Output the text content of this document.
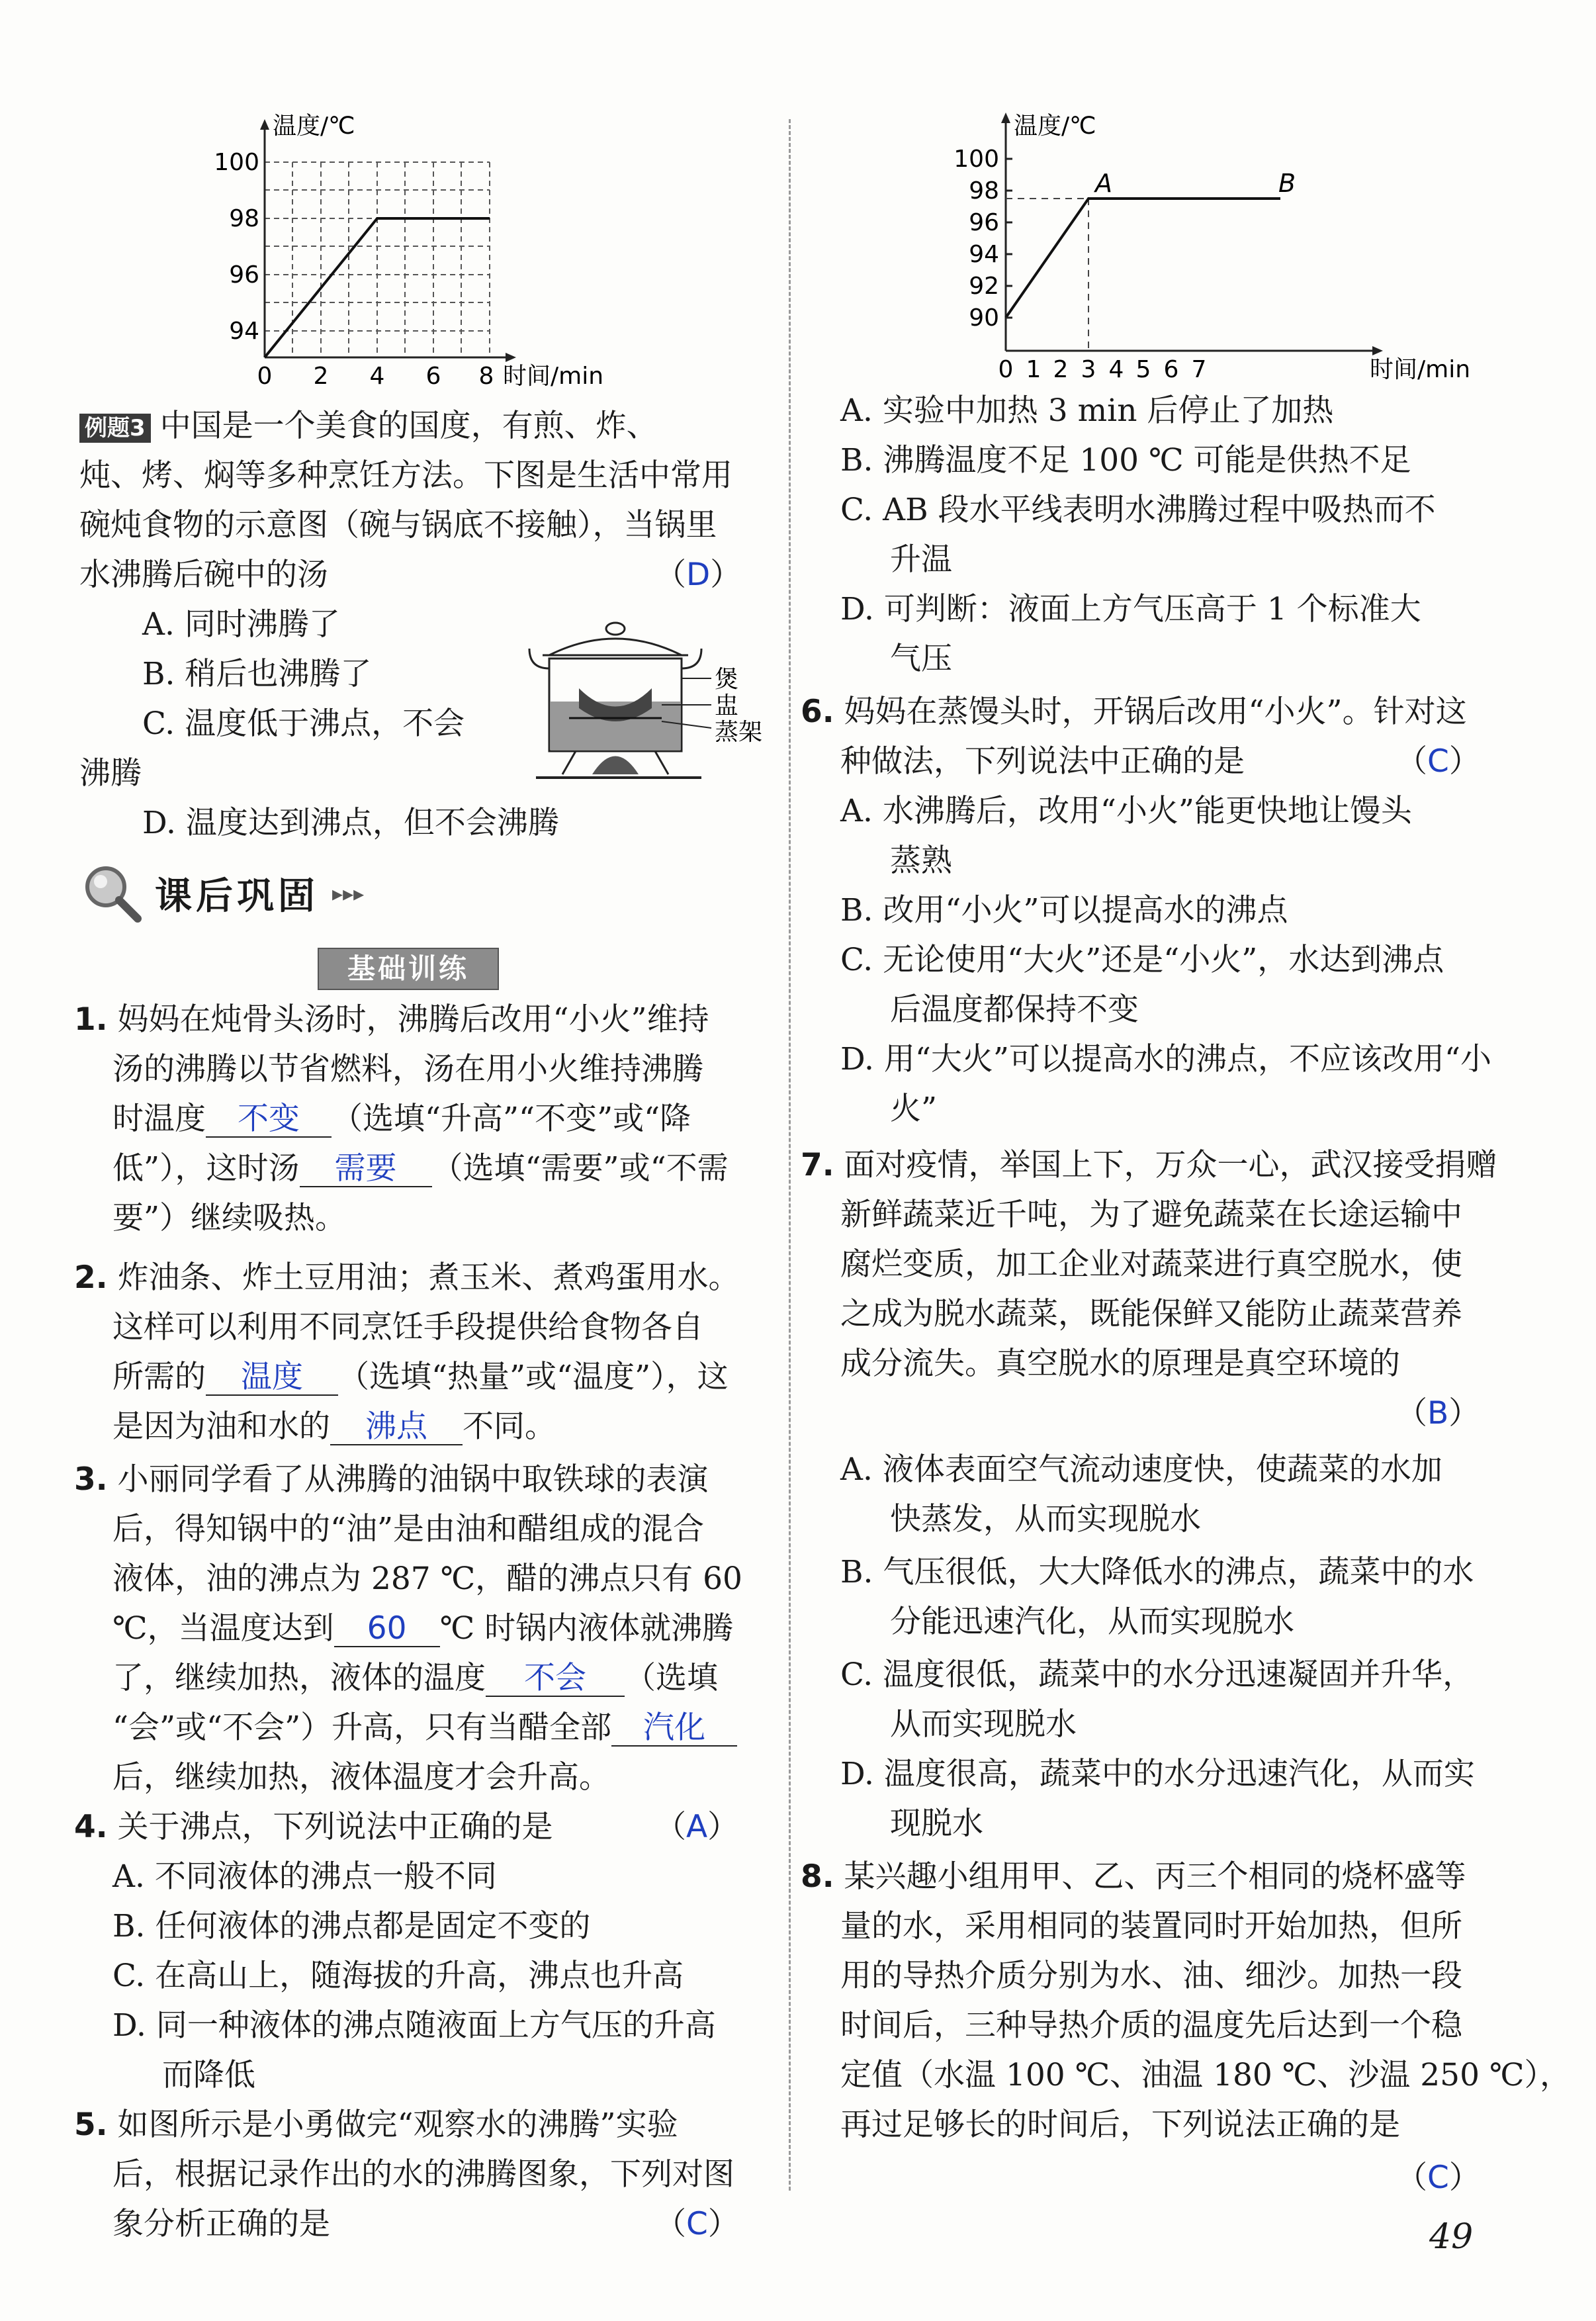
温度/℃
时间/min
94
96
98
100
0 2 4 6 8
例题3 中国是一个美食的国度，有煎、炸、
炖、烤、焖等多种烹饪方法。下图是生活中常用
碗炖食物的示意图（碗与锅底不接触），当锅里
水沸腾后碗中的汤	（D）
A. 同时沸腾了
B. 稍后也沸腾了
C. 温度低于沸点，不会
沸腾
D. 温度达到沸点，但不会沸腾
煲
盅
蒸架
课后巩固 ▸▸▸
基础训练
1. 妈妈在炖骨头汤时，沸腾后改用“小火”维持
汤的沸腾以节省燃料，汤在用小火维持沸腾
时温度 不变 （选填“升高”“不变”或“降
低”），这时汤 需要 （选填“需要”或“不需
要”）继续吸热。
2. 炸油条、炸土豆用油；煮玉米、煮鸡蛋用水。
这样可以利用不同烹饪手段提供给食物各自
所需的 温度 （选填“热量”或“温度”），这
是因为油和水的 沸点 不同。
3. 小丽同学看了从沸腾的油锅中取铁球的表演
后，得知锅中的“油”是由油和醋组成的混合
液体，油的沸点为 287 ℃，醋的沸点只有 60
℃，当温度达到 60 ℃ 时锅内液体就沸腾
了，继续加热，液体的温度 不会 （选填
“会”或“不会”）升高，只有当醋全部 汽化
后，继续加热，液体温度才会升高。
4. 关于沸点，下列说法中正确的是	（A）
A. 不同液体的沸点一般不同
B. 任何液体的沸点都是固定不变的
C. 在高山上，随海拔的升高，沸点也升高
D. 同一种液体的沸点随液面上方气压的升高
而降低
5. 如图所示是小勇做完“观察水的沸腾”实验
后，根据记录作出的水的沸腾图象，下列对图
象分析正确的是	（C）
温度/℃
时间/min
A	B
90
92
94
96
98
100
0 1 2 3 4 5 6 7
A. 实验中加热 3 min 后停止了加热
B. 沸腾温度不足 100 ℃ 可能是供热不足
C. AB 段水平线表明水沸腾过程中吸热而不
升温
D. 可判断：液面上方气压高于 1 个标准大
气压
6. 妈妈在蒸馒头时，开锅后改用“小火”。针对这
种做法，下列说法中正确的是	（C）
A. 水沸腾后，改用“小火”能更快地让馒头
蒸熟
B. 改用“小火”可以提高水的沸点
C. 无论使用“大火”还是“小火”，水达到沸点
后温度都保持不变
D. 用“大火”可以提高水的沸点，不应该改用“小
火”
7. 面对疫情，举国上下，万众一心，武汉接受捐赠
新鲜蔬菜近千吨，为了避免蔬菜在长途运输中
腐烂变质，加工企业对蔬菜进行真空脱水，使
之成为脱水蔬菜，既能保鲜又能防止蔬菜营养
成分流失。真空脱水的原理是真空环境的
（B）
A. 液体表面空气流动速度快，使蔬菜的水加
快蒸发，从而实现脱水
B. 气压很低，大大降低水的沸点，蔬菜中的水
分能迅速汽化，从而实现脱水
C. 温度很低，蔬菜中的水分迅速凝固并升华，
从而实现脱水
D. 温度很高，蔬菜中的水分迅速汽化，从而实
现脱水
8. 某兴趣小组用甲、乙、丙三个相同的烧杯盛等
量的水，采用相同的装置同时开始加热，但所
用的导热介质分别为水、油、细沙。加热一段
时间后，三种导热介质的温度先后达到一个稳
定值（水温 100 ℃、油温 180 ℃、沙温 250 ℃），
再过足够长的时间后，下列说法正确的是
（C）
49
